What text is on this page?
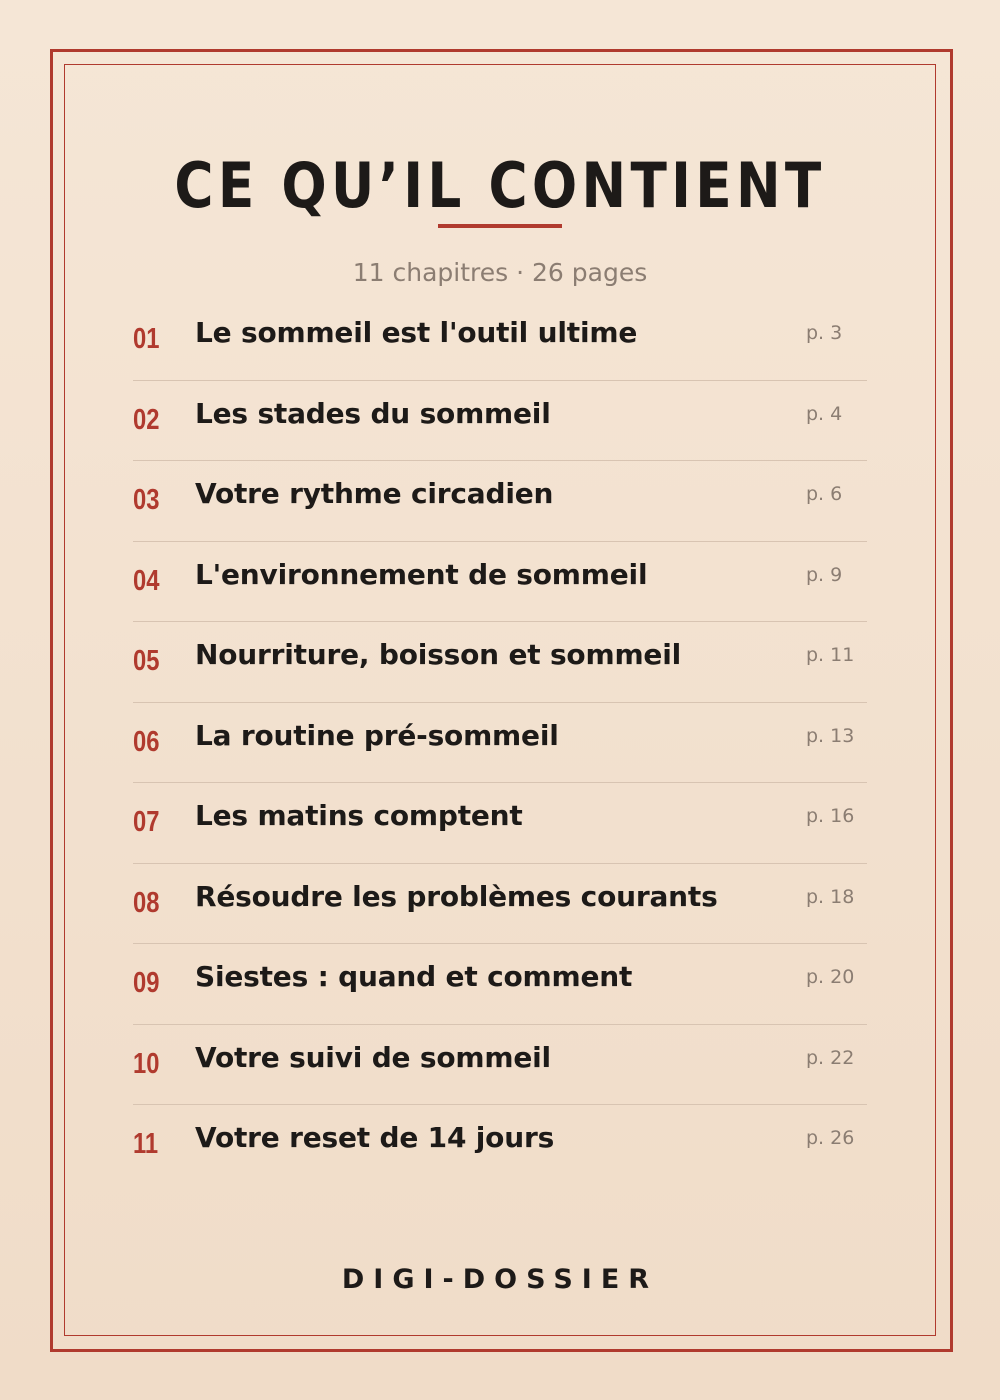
CE QU’IL CONTIENT
11 chapitres · 26 pages
01 Le sommeil est l'outil ultime	p. 3
02 Les stades du sommeil	p. 4
03 Votre rythme circadien	p. 6
04 L'environnement de sommeil	p. 9
05 Nourriture, boisson et sommeil	p. 11
06 La routine pré-sommeil	p. 13
07 Les matins comptent	p. 16
08 Résoudre les problèmes courants	p. 18
09 Siestes : quand et comment	p. 20
10 Votre suivi de sommeil	p. 22
11 Votre reset de 14 jours	p. 26
DIGI-DOSSIER
